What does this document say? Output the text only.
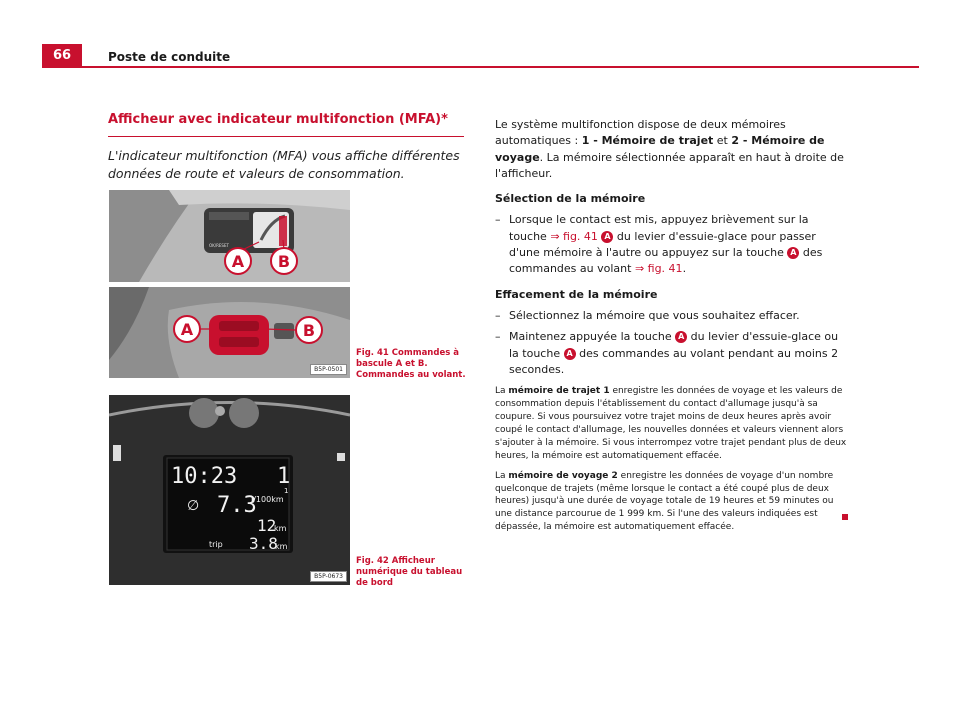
66	Poste de conduite
Afficheur avec indicateur multifonction (MFA)*
L'indicateur multifonction (MFA) vous affiche différentes données de route et valeurs de consommation.
OK/RESET
A B
A	B
B5P-0501
Fig. 41 Commandes à bascule A et B. Commandes au volant.
10:23 1
∅ 7.3
l/100km
1
12
km
trip 3.8
km
B5P-0673
Fig. 42 Afficheur numérique du tableau de bord

Le système multifonction dispose de deux mémoires automatiques : 1 - Mémoire de trajet et 2 - Mémoire de voyage. La mémoire sélectionnée apparaît en haut à droite de l'afficheur.

Sélection de la mémoire

– Lorsque le contact est mis, appuyez brièvement sur la touche ⇒ fig. 41 A du levier d'essuie-glace pour passer d'une mémoire à l'autre ou appuyez sur la touche A des commandes au volant ⇒ fig. 41.

Effacement de la mémoire

– Sélectionnez la mémoire que vous souhaitez effacer.

– Maintenez appuyée la touche A du levier d'essuie-glace ou la touche A des commandes au volant pendant au moins 2 secondes.

La mémoire de trajet 1 enregistre les données de voyage et les valeurs de consommation depuis l'établissement du contact d'allumage jusqu'à sa coupure. Si vous poursuivez votre trajet moins de deux heures après avoir coupé le contact d'allumage, les nouvelles données et valeurs viennent alors s'ajouter à la mémoire. Si vous interrompez votre trajet pendant plus de deux heures, la mémoire est automatiquement effacée.

La mémoire de voyage 2 enregistre les données de voyage d'un nombre quelconque de trajets (même lorsque le contact a été coupé plus de deux heures) jusqu'à une durée de voyage totale de 19 heures et 59 minutes ou une distance parcourue de 1 999 km. Si l'une des valeurs indiquées est dépassée, la mémoire est automatiquement effacée.
